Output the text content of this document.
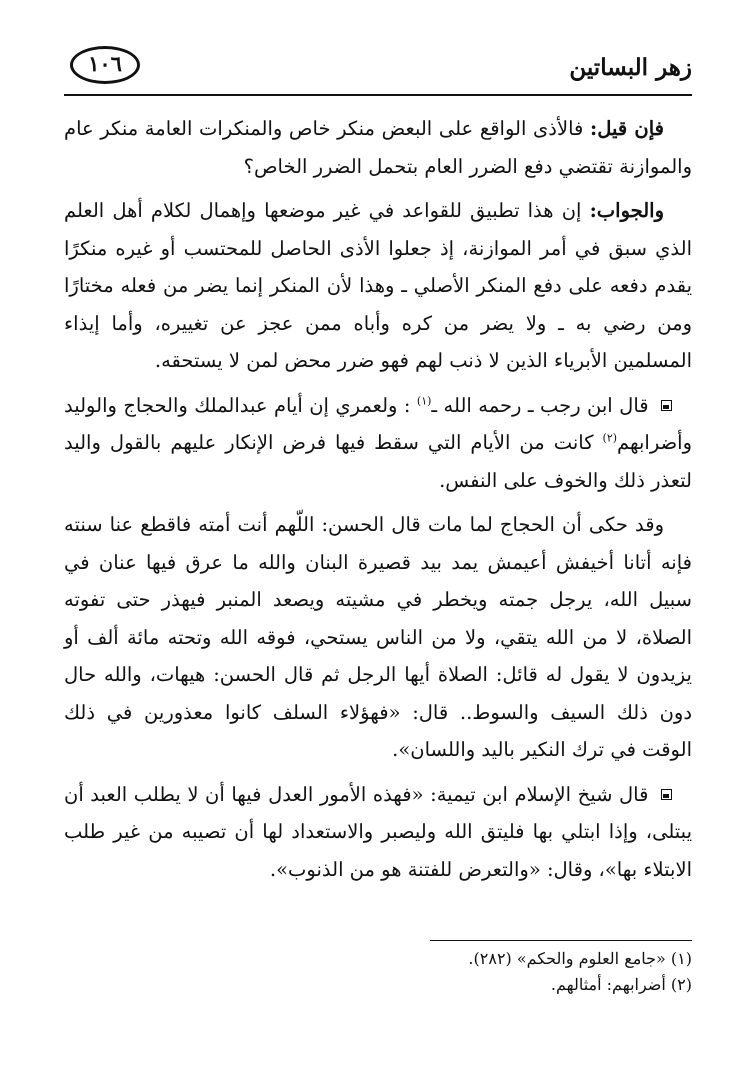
زهر البساتين
١٠٦

فإن قيل: فالأذى الواقع على البعض منكر خاص والمنكرات العامة منكر عام والموازنة تقتضي دفع الضرر العام بتحمل الضرر الخاص؟

والجواب: إن هذا تطبيق للقواعد في غير موضعها وإهمال لكلام أهل العلم الذي سبق في أمر الموازنة، إذ جعلوا الأذى الحاصل للمحتسب أو غيره منكرًا يقدم دفعه على دفع المنكر الأصلي ـ وهذا لأن المنكر إنما يضر من فعله مختارًا ومن رضي به ـ ولا يضر من كره وأباه ممن عجز عن تغييره، وأما إيذاء المسلمين الأبرياء الذين لا ذنب لهم فهو ضرر محض لمن لا يستحقه.

قال ابن رجب ـ رحمه الله ـ$^{(١)}$ : ولعمري إن أيام عبدالملك والحجاج والوليد وأضرابهم$^{(٢)}$ كانت من الأيام التي سقط فيها فرض الإنكار عليهم بالقول واليد لتعذر ذلك والخوف على النفس.

وقد حكى أن الحجاج لما مات قال الحسن: اللّهم أنت أمته فاقطع عنا سنته فإنه أتانا أخيفش أعيمش يمد بيد قصيرة البنان والله ما عرق فيها عنان في سبيل الله، يرجل جمته ويخطر في مشيته ويصعد المنبر فيهذر حتى تفوته الصلاة، لا من الله يتقي، ولا من الناس يستحي، فوقه الله وتحته مائة ألف أو يزيدون لا يقول له قائل: الصلاة أيها الرجل ثم قال الحسن: هيهات، والله حال دون ذلك السيف والسوط.. قال: «فهؤلاء السلف كانوا معذورين في ذلك الوقت في ترك النكير باليد واللسان».

قال شيخ الإسلام ابن تيمية: «فهذه الأمور العدل فيها أن لا يطلب العبد أن يبتلى، وإذا ابتلي بها فليتق الله وليصبر والاستعداد لها أن تصيبه من غير طلب الابتلاء بها»، وقال: «والتعرض للفتنة هو من الذنوب».

(١) «جامع العلوم والحكم» (٢٨٢).

(٢) أضرابهم: أمثالهم.
